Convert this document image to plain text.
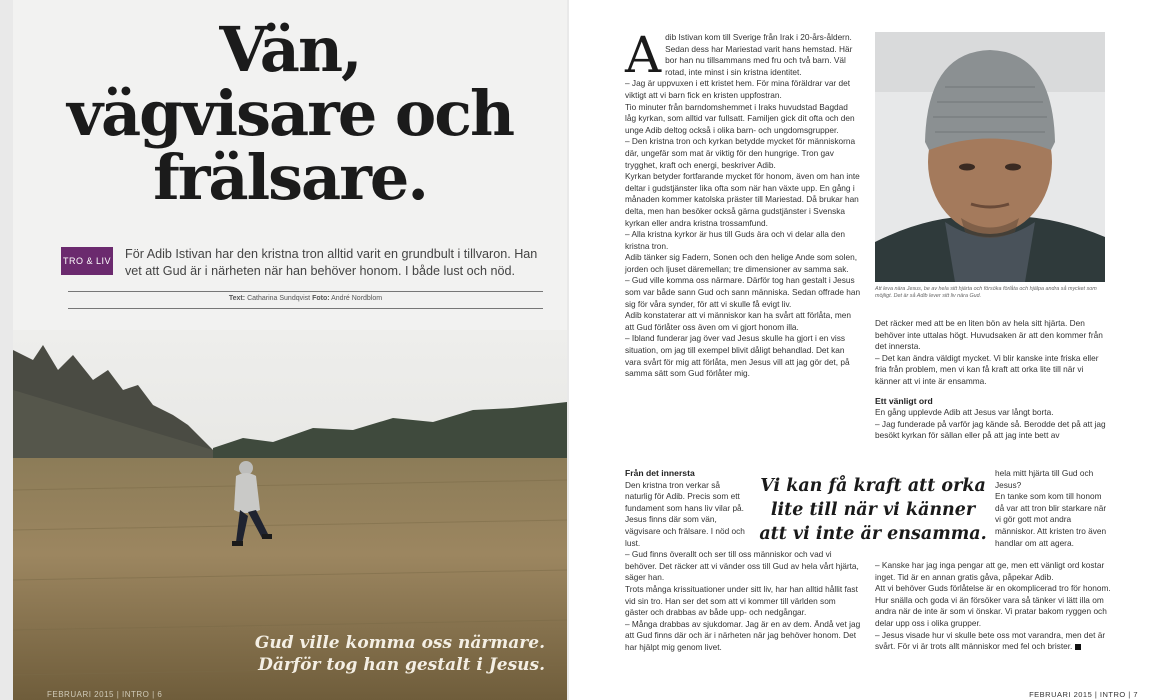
Vän,
vägvisare och
frälsare.
TRO & LIV För Adib Istivan har den kristna tron alltid varit en grundbult i tillvaron. Han vet att Gud är i närheten när han behöver honom. I både lust och nöd.

Text: Catharina Sundqvist Foto: André Nordblom

Gud ville komma oss närmare. Därför tog han gestalt i Jesus.

FEBRUARI 2015 | INTRO | 6
A dib Istivan kom till Sverige från Irak i 20-års-åldern. Sedan dess har Mariestad varit hans hemstad. Här bor han nu tillsammans med fru och två barn. Väl rotad, inte minst i sin kristna identitet.

– Jag är uppvuxen i ett kristet hem. För mina föräldrar var det viktigt att vi barn fick en kristen uppfostran.

Tio minuter från barndomshemmet i Iraks huvudstad Bagdad låg kyrkan, som alltid var fullsatt. Familjen gick dit ofta och den unge Adib deltog också i olika barn- och ungdomsgrupper.

– Den kristna tron och kyrkan betydde mycket för människorna där, ungefär som mat är viktig för den hungrige. Tron gav trygghet, kraft och energi, beskriver Adib.

Kyrkan betyder fortfarande mycket för honom, även om han inte deltar i gudstjänster lika ofta som när han växte upp. En gång i månaden kommer katolska präster till Mariestad. Då brukar han delta, men han besöker också gärna gudstjänster i Svenska kyrkan eller andra kristna trossamfund.

– Alla kristna kyrkor är hus till Guds ära och vi delar alla den kristna tron.

Adib tänker sig Fadern, Sonen och den helige Ande som solen, jorden och ljuset däremellan; tre dimensioner av samma sak.

– Gud ville komma oss närmare. Därför tog han gestalt i Jesus som var både sann Gud och sann människa. Sedan offrade han sig för våra synder, för att vi skulle få evigt liv.

Adib konstaterar att vi människor kan ha svårt att förlåta, men att Gud förlåter oss även om vi gjort honom illa.

– Ibland funderar jag över vad Jesus skulle ha gjort i en viss situation, om jag till exempel blivit dåligt behandlad. Det kan vara svårt för mig att förlåta, men Jesus vill att jag gör det, på samma sätt som Gud förlåter mig.

Från det innersta

Den kristna tron verkar så naturlig för Adib. Precis som ett fundament som hans liv vilar på. Jesus finns där som vän, vägvisare och frälsare. I nöd och lust.

– Gud finns överallt och ser till oss människor och vad vi behöver. Det räcker att vi vänder oss till Gud av hela vårt hjärta, säger han.

Trots många krissituationer under sitt liv, har han alltid hållit fast vid sin tro. Han ser det som att vi kommer till världen som gäster och drabbas av både upp- och nedgångar.

– Många drabbas av sjukdomar. Jag är en av dem. Ändå vet jag att Gud finns där och är i närheten när jag behöver honom. Det har hjälpt mig genom livet.

Att leva nära Jesus, be av hela sitt hjärta och försöka förlåta och hjälpa andra så mycket som möjligt. Det är så Adib lever sitt liv nära Gud.

Det räcker med att be en liten bön av hela sitt hjärta. Den behöver inte uttalas högt. Huvudsaken är att den kommer från det innersta.

– Det kan ändra väldigt mycket. Vi blir kanske inte friska eller fria från problem, men vi kan få kraft att orka lite till när vi känner att vi inte är ensamma.

Ett vänligt ord

En gång upplevde Adib att Jesus var långt borta.

– Jag funderade på varför jag kände så. Berodde det på att jag besökt kyrkan för sällan eller på att jag inte bett av

hela mitt hjärta till Gud och Jesus?

En tanke som kom till honom då var att tron blir starkare när vi gör gott mot andra människor. Att kristen tro även handlar om att agera.

– Kanske har jag inga pengar att ge, men ett vänligt ord kostar inget. Tid är en annan gratis gåva, påpekar Adib.

Att vi behöver Guds förlåtelse är en okomplicerad tro för honom. Hur snälla och goda vi än försöker vara så tänker vi lätt illa om andra när de inte är som vi önskar. Vi pratar bakom ryggen och delar upp oss i olika grupper.

– Jesus visade hur vi skulle bete oss mot varandra, men det är svårt. För vi är trots allt människor med fel och brister.

Vi kan få kraft att orka lite till när vi känner att vi inte är ensamma.

FEBRUARI 2015 | INTRO | 7
